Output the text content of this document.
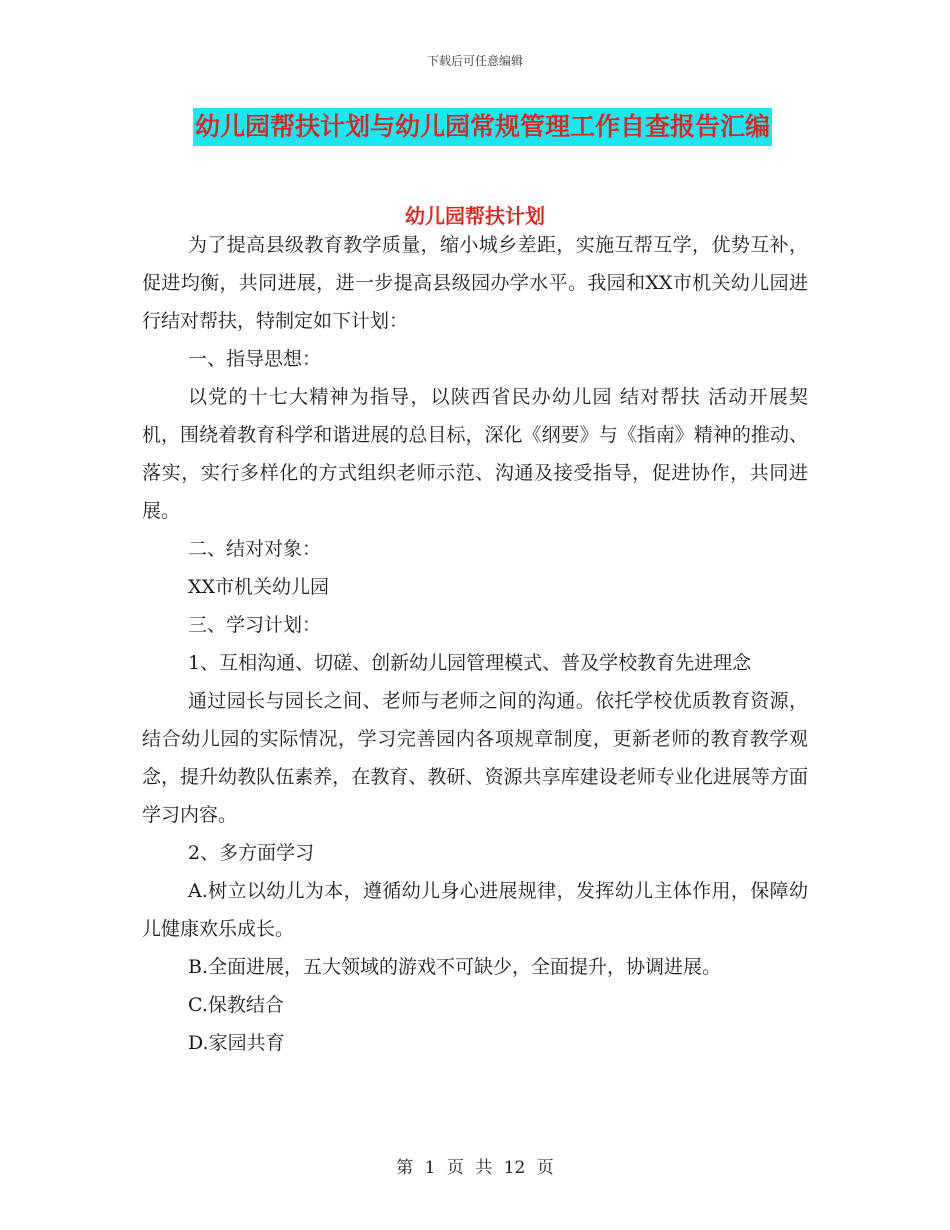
下载后可任意编辑
幼儿园帮扶计划与幼儿园常规管理工作自查报告汇编
幼儿园帮扶计划

为了提高县级教育教学质量，缩小城乡差距，实施互帮互学，优势互补，促进均衡，共同进展，进一步提高县级园办学水平。我园和XX市机关幼儿园进行结对帮扶，特制定如下计划：

一、指导思想：

以党的十七大精神为指导，以陕西省民办幼儿园 结对帮扶 活动开展契机，围绕着教育科学和谐进展的总目标，深化《纲要》与《指南》精神的推动、落实，实行多样化的方式组织老师示范、沟通及接受指导，促进协作，共同进展。

二、结对对象：

XX市机关幼儿园

三、学习计划：

1、互相沟通、切磋、创新幼儿园管理模式、普及学校教育先进理念

通过园长与园长之间、老师与老师之间的沟通。依托学校优质教育资源，结合幼儿园的实际情况，学习完善园内各项规章制度，更新老师的教育教学观念，提升幼教队伍素养，在教育、教研、资源共享库建设老师专业化进展等方面学习内容。

2、多方面学习

A.树立以幼儿为本，遵循幼儿身心进展规律，发挥幼儿主体作用，保障幼儿健康欢乐成长。

B.全面进展，五大领域的游戏不可缺少，全面提升，协调进展。

C.保教结合

D.家园共育

第 1 页 共 12 页
